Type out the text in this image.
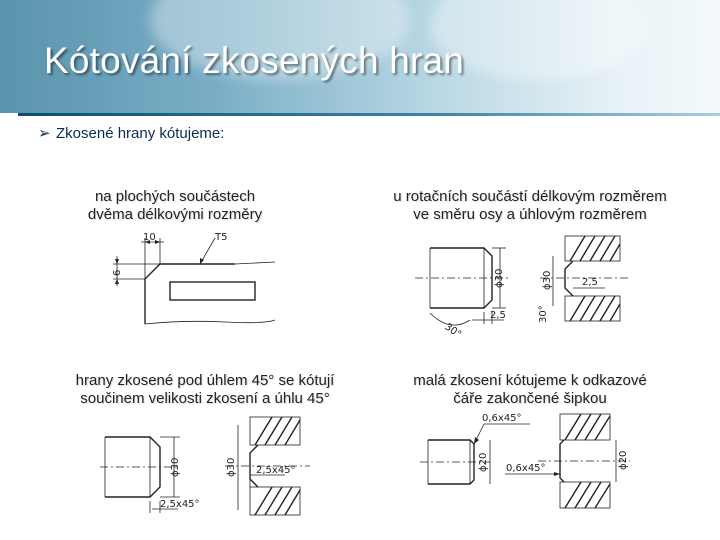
Kótování zkosených hran
➢ Zkosené hrany kótujeme:
na plochých součástech
dvěma délkovými rozměry
u rotačních součástí délkovým rozměrem
ve směru osy a úhlovým rozměrem
hrany zkosené pod úhlem 45° se kótují
součinem velikosti zkosení a úhlu 45°
malá zkosení kótujeme k odkazové
čáře zakončené šipkou
10
6
T5
ϕ30
2,5
30°
ϕ30	2,5
30°
ϕ30
2,5x45°
ϕ30 2,5x45°
0,6x45°
ϕ20 0,6x45°	ϕ20
